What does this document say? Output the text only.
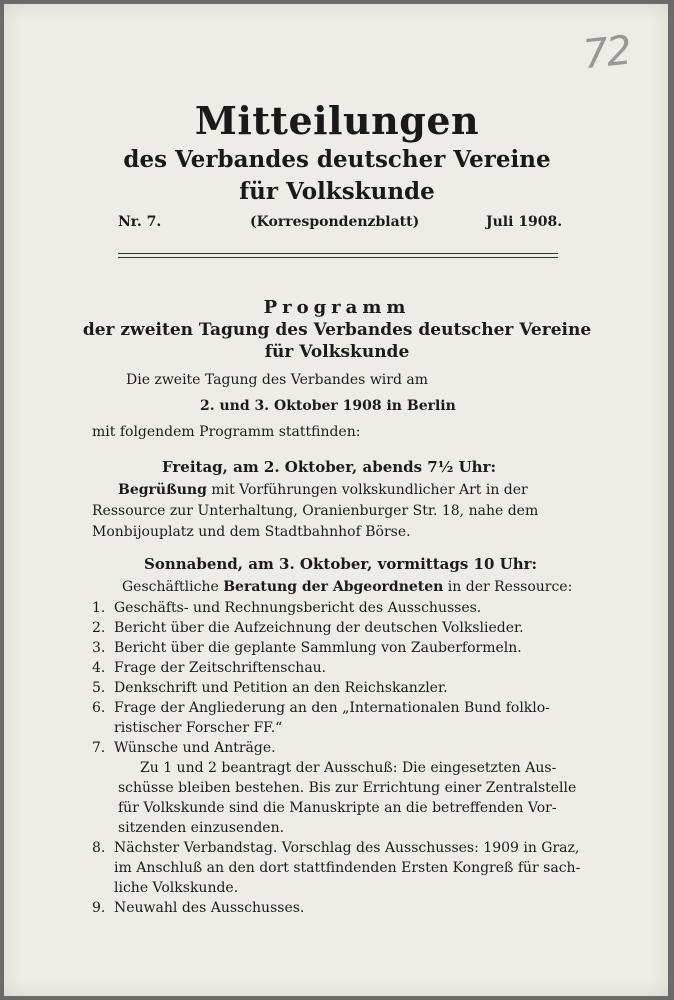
72
Mitteilungen
des Verbandes deutscher Vereine
für Volkskunde
Nr. 7.	(Korrespondenzblatt)	Juli 1908.
Programm
der zweiten Tagung des Verbandes deutscher Vereine
für Volkskunde
Die zweite Tagung des Verbandes wird am
2. und 3. Oktober 1908 in Berlin
mit folgendem Programm stattfinden:
Freitag, am 2. Oktober, abends 7½ Uhr:
Begrüßung mit Vorführungen volkskundlicher Art in der
Ressource zur Unterhaltung, Oranienburger Str. 18, nahe dem
Monbijouplatz und dem Stadtbahnhof Börse.
Sonnabend, am 3. Oktober, vormittags 10 Uhr:
Geschäftliche Beratung der Abgeordneten in der Ressource:
1. Geschäfts- und Rechnungsbericht des Ausschusses.
2. Bericht über die Aufzeichnung der deutschen Volkslieder.
3. Bericht über die geplante Sammlung von Zauberformeln.
4. Frage der Zeitschriftenschau.
5. Denkschrift und Petition an den Reichskanzler.
6. Frage der Angliederung an den „Internationalen Bund folklo-
ristischer Forscher FF.“
7. Wünsche und Anträge.
Zu 1 und 2 beantragt der Ausschuß: Die eingesetzten Aus-
schüsse bleiben bestehen. Bis zur Errichtung einer Zentralstelle
für Volkskunde sind die Manuskripte an die betreffenden Vor-
sitzenden einzusenden.
8. Nächster Verbandstag. Vorschlag des Ausschusses: 1909 in Graz,
im Anschluß an den dort stattfindenden Ersten Kongreß für sach-
liche Volkskunde.
9. Neuwahl des Ausschusses.
